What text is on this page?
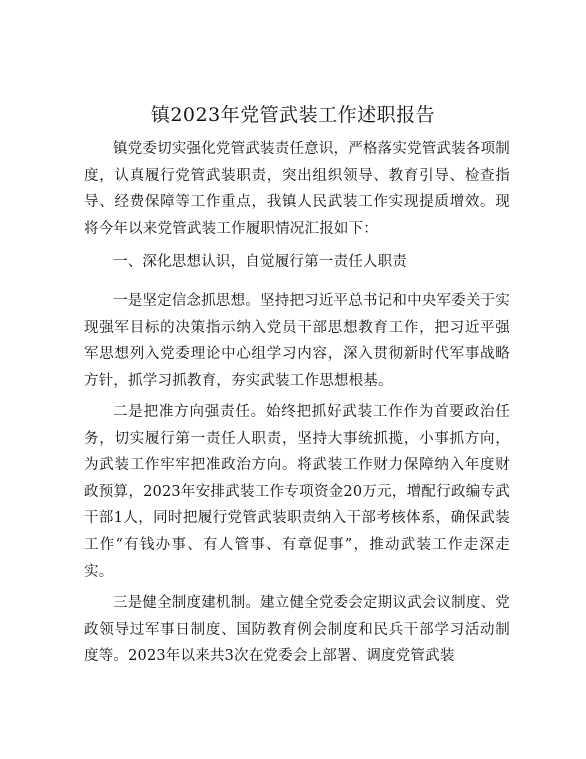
镇2023年党管武装工作述职报告

镇党委切实强化党管武装责任意识，严格落实党管武装各项制度，认真履行党管武装职责，突出组织领导、教育引导、检查指导、经费保障等工作重点，我镇人民武装工作实现提质增效。现将今年以来党管武装工作履职情况汇报如下：

一、深化思想认识，自觉履行第一责任人职责

一是坚定信念抓思想。坚持把习近平总书记和中央军委关于实现强军目标的决策指示纳入党员干部思想教育工作，把习近平强军思想列入党委理论中心组学习内容，深入贯彻新时代军事战略方针，抓学习抓教育，夯实武装工作思想根基。

二是把准方向强责任。始终把抓好武装工作作为首要政治任务，切实履行第一责任人职责，坚持大事统抓揽，小事抓方向，为武装工作牢牢把准政治方向。将武装工作财力保障纳入年度财政预算，2023年安排武装工作专项资金20万元，增配行政编专武干部1人，同时把履行党管武装职责纳入干部考核体系，确保武装工作“有钱办事、有人管事、有章促事”，推动武装工作走深走实。

三是健全制度建机制。建立健全党委会定期议武会议制度、党政领导过军事日制度、国防教育例会制度和民兵干部学习活动制度等。2023年以来共3次在党委会上部署、调度党管武装
